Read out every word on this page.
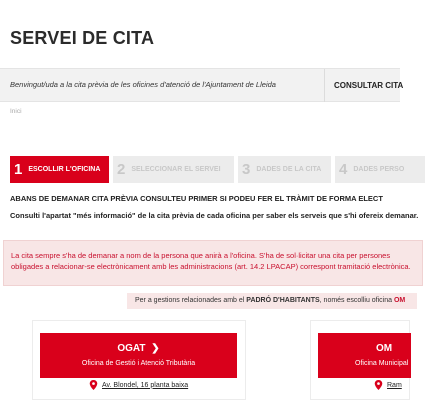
SERVEI DE CITA
Benvingut/uda a la cita prèvia de les oficines d'atenció de l'Ajuntament de Lleida	CONSULTAR CITA
Inici
1 ESCOLLIR L'OFICINA 2 SELECCIONAR EL SERVEI 3 DADES DE LA CITA 4 DADES PERSO
ABANS DE DEMANAR CITA PRÈVIA CONSULTEU PRIMER SI PODEU FER EL TRÀMIT DE FORMA ELECT
Consulti l'apartat "més informació" de la cita prèvia de cada oficina per saber els serveis que s'hi ofereix demanar.
La cita sempre s'ha de demanar a nom de la persona que anirà a l'oficina. S'ha de sol·licitar una cita per persones obligades a relacionar-se electrònicament amb les administracions (art. 14.2 LPACAP) correspont tramitació electrònica.
Per a gestions relacionades amb el PADRÓ D'HABITANTS, només escolliu oficina OM
OGAT ❯
Oficina de Gestió i Atenció Tributària
Av. Blondel, 16 planta baixa
OM
Oficina Municipal
Ram
